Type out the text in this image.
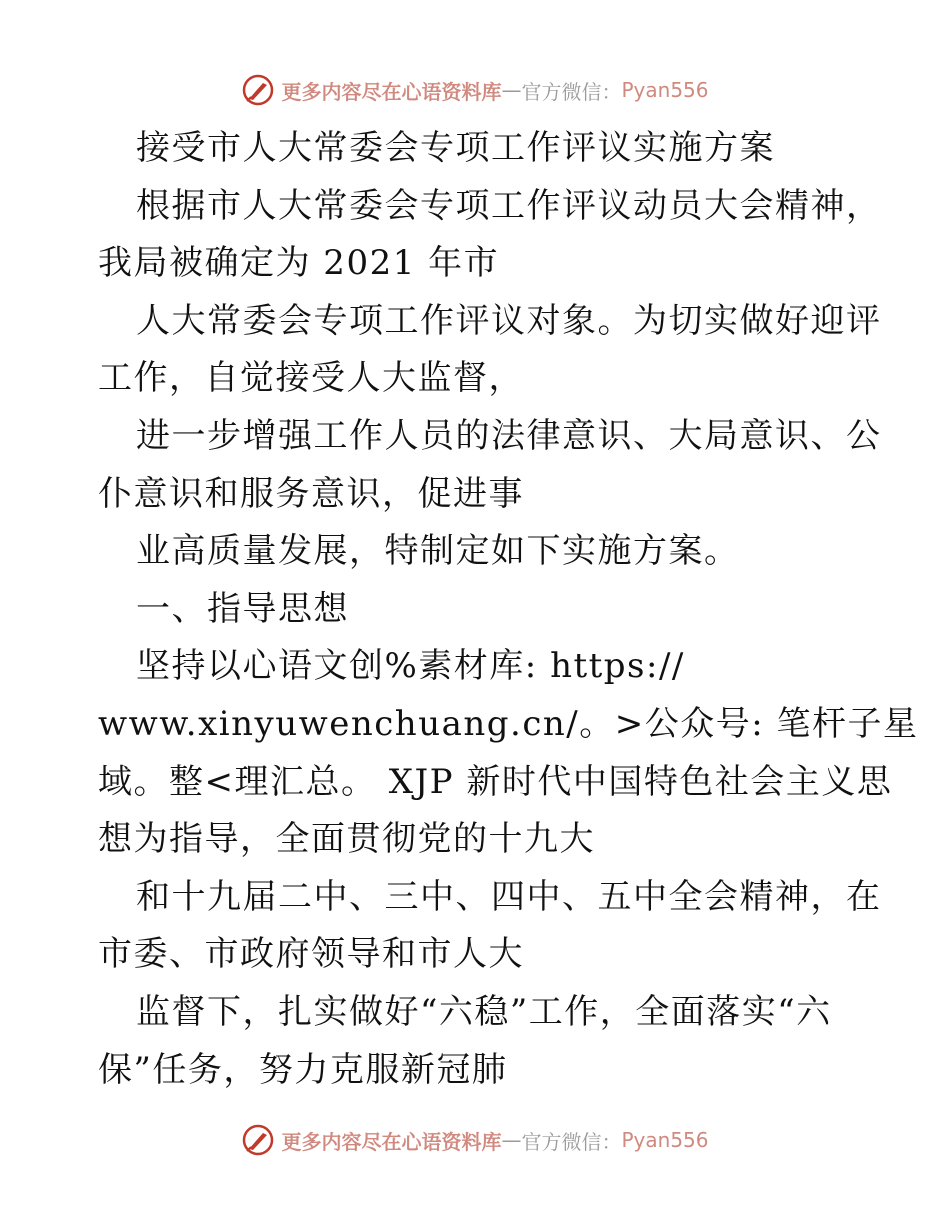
更多内容尽在心语资料库 — 官方微信： Pyan556
接受市人大常委会专项工作评议实施方案
根据市人大常委会专项工作评议动员大会精神，
我局被确定为 2021 年市
人大常委会专项工作评议对象。为切实做好迎评
工作，自觉接受人大监督，
进一步增强工作人员的法律意识、大局意识、公
仆意识和服务意识，促进事
业高质量发展，特制定如下实施方案。
一、指导思想
坚持以心语文创%素材库: https://
www.xinyuwenchuang.cn/。>公众号: 笔杆子星
域。整<理汇总。 XJP 新时代中国特色社会主义思
想为指导，全面贯彻党的十九大
和十九届二中、三中、四中、五中全会精神，在
市委、市政府领导和市人大
监督下，扎实做好“六稳”工作，全面落实“六
保”任务，努力克服新冠肺
更多内容尽在心语资料库 — 官方微信： Pyan556
